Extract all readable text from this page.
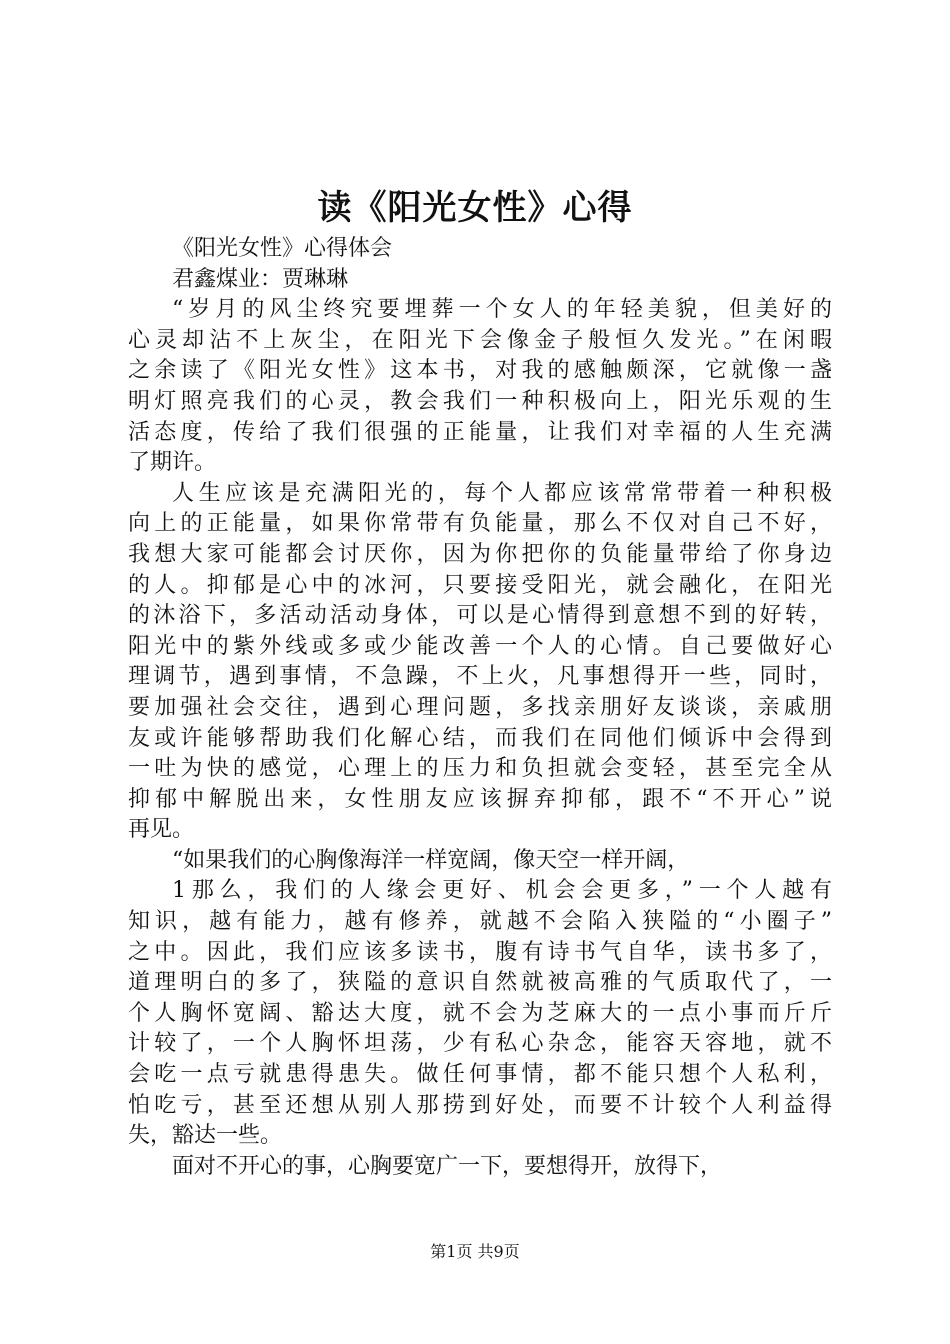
读《阳光女性》心得
《阳光女性》心得体会
君鑫煤业：贾琳琳
“岁月的风尘终究要埋葬一个女人的年轻美貌，但美好的
心灵却沾不上灰尘，在阳光下会像金子般恒久发光。”在闲暇
之余读了《阳光女性》这本书，对我的感触颇深，它就像一盏
明灯照亮我们的心灵，教会我们一种积极向上，阳光乐观的生
活态度，传给了我们很强的正能量，让我们对幸福的人生充满
了期许。
人生应该是充满阳光的，每个人都应该常常带着一种积极
向上的正能量，如果你常带有负能量，那么不仅对自己不好，
我想大家可能都会讨厌你，因为你把你的负能量带给了你身边
的人。抑郁是心中的冰河，只要接受阳光，就会融化，在阳光
的沐浴下，多活动活动身体，可以是心情得到意想不到的好转，
阳光中的紫外线或多或少能改善一个人的心情。自己要做好心
理调节，遇到事情，不急躁，不上火，凡事想得开一些，同时，
要加强社会交往，遇到心理问题，多找亲朋好友谈谈，亲戚朋
友或许能够帮助我们化解心结，而我们在同他们倾诉中会得到
一吐为快的感觉，心理上的压力和负担就会变轻，甚至完全从
抑郁中解脱出来，女性朋友应该摒弃抑郁，跟不“不开心”说
再见。
“如果我们的心胸像海洋一样宽阔，像天空一样开阔，
1那么，我们的人缘会更好、机会会更多，”一个人越有
知识，越有能力，越有修养，就越不会陷入狭隘的“小圈子”
之中。因此，我们应该多读书，腹有诗书气自华，读书多了，
道理明白的多了，狭隘的意识自然就被高雅的气质取代了，一
个人胸怀宽阔、豁达大度，就不会为芝麻大的一点小事而斤斤
计较了，一个人胸怀坦荡，少有私心杂念，能容天容地，就不
会吃一点亏就患得患失。做任何事情，都不能只想个人私利，
怕吃亏，甚至还想从别人那捞到好处，而要不计较个人利益得
失，豁达一些。
面对不开心的事，心胸要宽广一下，要想得开，放得下，
第1页 共9页
